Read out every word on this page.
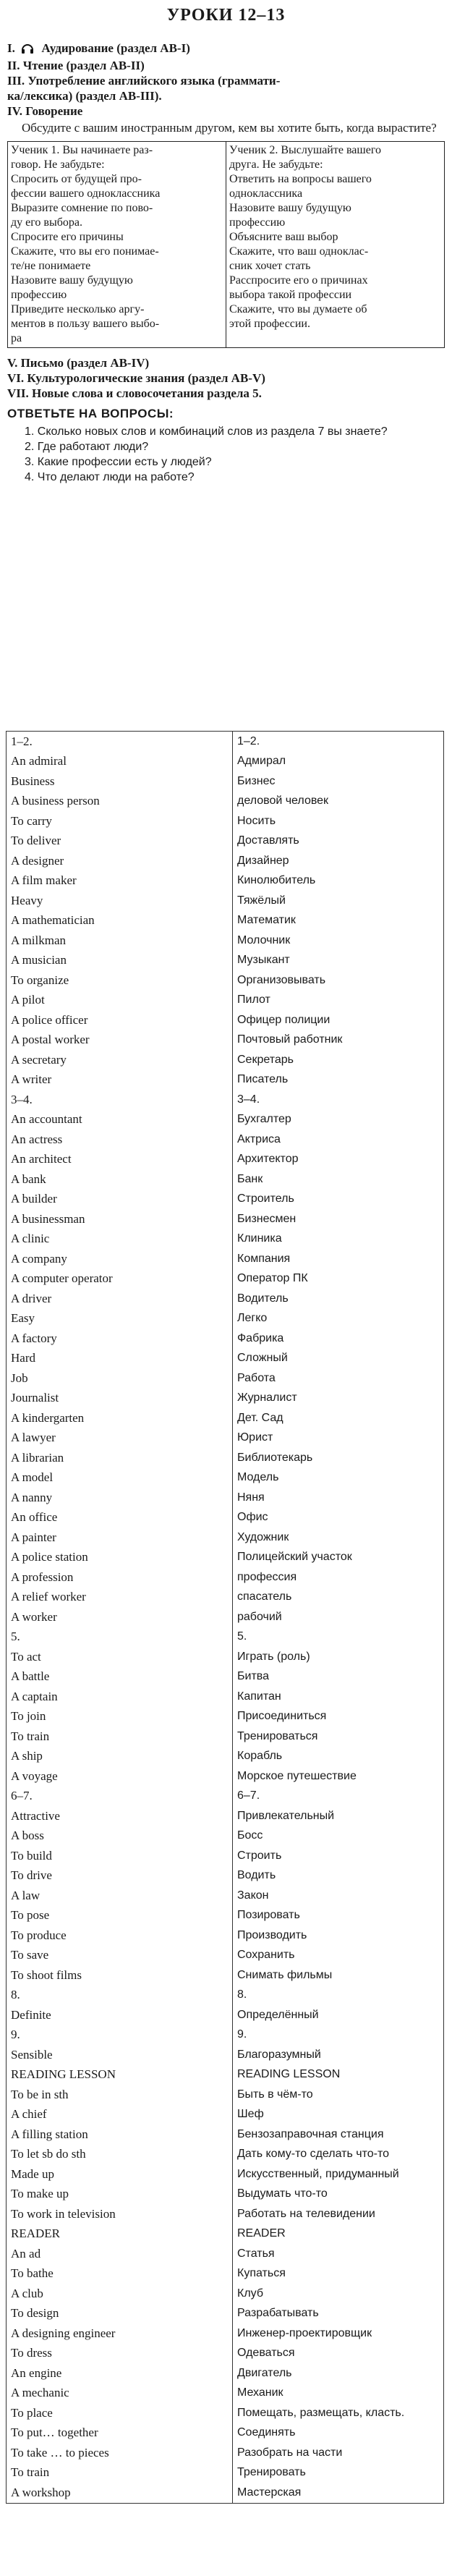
УРОКИ 12–13
I. Аудирование (раздел АВ-I)
II. Чтение (раздел АВ-II)
III. Употребление английского языка (граммати-
ка/лексика) (раздел АВ-III).
IV. Говорение
Обсудите с вашим иностранным другом, кем вы хотите быть, когда вырастите?
Ученик 1. Вы начинаете раз-
говор. Не забудьте:
Спросить от будущей про-
фессии вашего одноклассника
Выразите сомнение по пово-
ду его выбора.
Спросите его причины
Скажите, что вы его понимае-
те/не понимаете
Назовите вашу будущую
профессию
Приведите несколько аргу-
ментов в пользу вашего выбо-
ра

Ученик 2. Выслушайте вашего
друга. Не забудьте:
Ответить на вопросы вашего
одноклассника
Назовите вашу будущую
профессию
Объясните ваш выбор
Скажите, что ваш одноклас-
сник хочет стать
Расспросите его о причинах
выбора такой профессии
Скажите, что вы думаете об
этой профессии.
V. Письмо (раздел АВ-IV)
VI. Культурологические знания (раздел АВ-V)
VII. Новые слова и словосочетания раздела 5.
ОТВЕТЬТЕ НА ВОПРОСЫ:
1. Сколько новых слов и комбинаций слов из раздела 7 вы знаете?
2. Где работают люди?
3. Какие профессии есть у людей?
4. Что делают люди на работе?
1–2.	1–2.
An admiral	Адмирал
Business	Бизнес
A business person	деловой человек
To carry	Носить
To deliver	Доставлять
A designer	Дизайнер
A film maker	Кинолюбитель
Heavy	Тяжёлый
A mathematician	Математик
A milkman	Молочник
A musician	Музыкант
To organize	Организовывать
A pilot	Пилот
A police officer	Офицер полиции
A postal worker	Почтовый работник
A secretary	Секретарь
A writer	Писатель
3–4.	3–4.
An accountant	Бухгалтер
An actress	Актриса
An architect	Архитектор
A bank	Банк
A builder	Строитель
A businessman	Бизнесмен
A clinic	Клиника
A company	Компания
A computer operator	Оператор ПК
A driver	Водитель
Easy	Легко
A factory	Фабрика
Hard	Сложный
Job	Работа
Journalist	Журналист
A kindergarten	Дет. Сад
A lawyer	Юрист
A librarian	Библиотекарь
A model	Модель
A nanny	Няня
An office	Офис
A painter	Художник
A police station	Полицейский участок
A profession	профессия
A relief worker	спасатель
A worker	рабочий
5.	5.
To act	Играть (роль)
A battle	Битва
A captain	Капитан
To join	Присоединиться
To train	Тренироваться
A ship	Корабль
A voyage	Морское путешествие
6–7.	6–7.
Attractive	Привлекательный
A boss	Босс
To build	Строить
To drive	Водить
A law	Закон
To pose	Позировать
To produce	Производить
To save	Сохранить
To shoot films	Снимать фильмы
8.	8.
Definite	Определённый
9.	9.
Sensible	Благоразумный
READING LESSON	READING LESSON
To be in sth	Быть в чём-то
A chief	Шеф
A filling station	Бензозаправочная станция
To let sb do sth	Дать кому-то сделать что-то
Made up	Искусственный, придуманный
To make up	Выдумать что-то
To work in television	Работать на телевидении
READER	READER
An ad	Статья
To bathe	Купаться
A club	Клуб
To design	Разрабатывать
A designing engineer	Инженер-проектировщик
To dress	Одеваться
An engine	Двигатель
A mechanic	Механик
To place	Помещать, размещать, класть.
To put… together	Соединять
To take … to pieces	Разобрать на части
To train	Тренировать
A workshop	Мастерская
